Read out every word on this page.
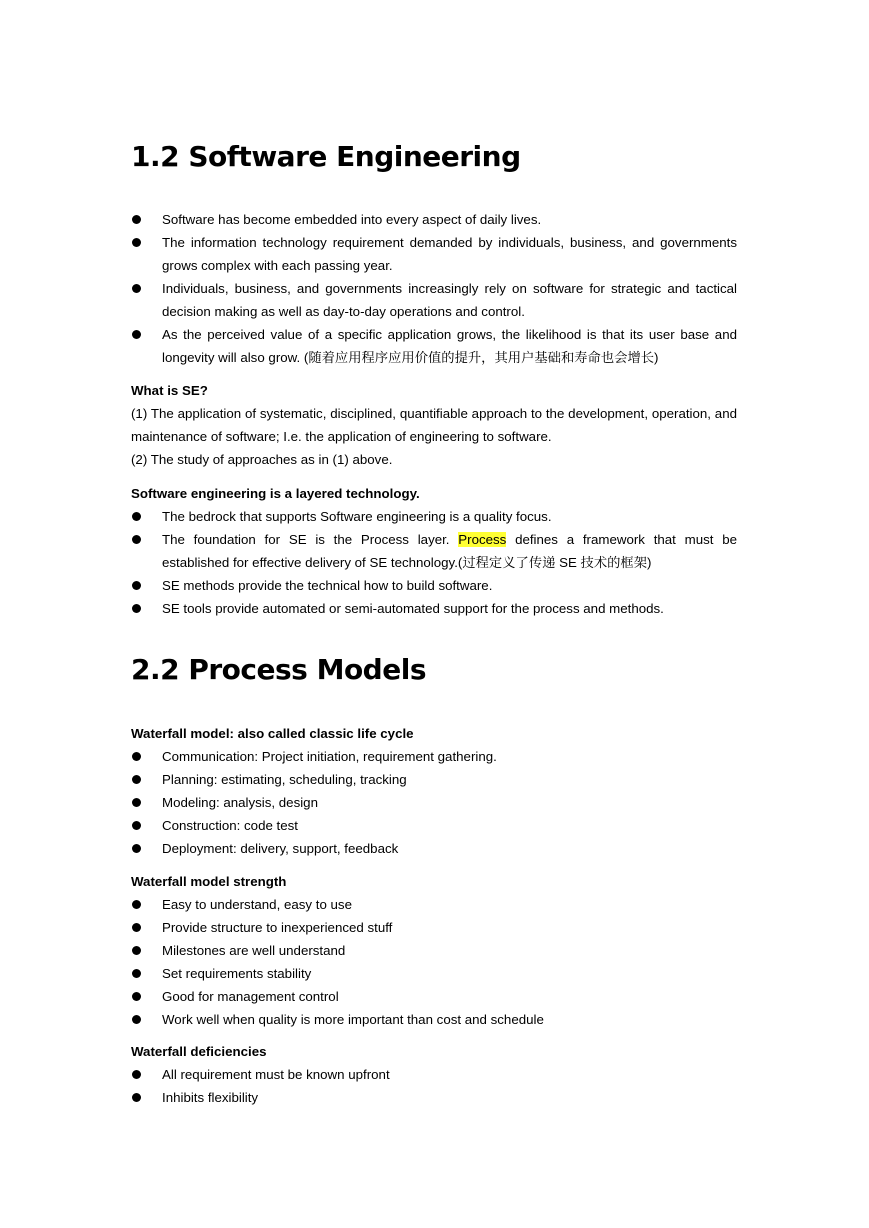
1.2 Software Engineering
Software has become embedded into every aspect of daily lives.
The information technology requirement demanded by individuals, business, and governments grows complex with each passing year.
Individuals, business, and governments increasingly rely on software for strategic and tactical decision making as well as day-to-day operations and control.
As the perceived value of a specific application grows, the likelihood is that its user base and longevity will also grow. (随着应用程序应用价值的提升，其用户基础和寿命也会增长)

What is SE?

(1) The application of systematic, disciplined, quantifiable approach to the development, operation, and maintenance of software; I.e. the application of engineering to software.

(2) The study of approaches as in (1) above.

Software engineering is a layered technology.

The bedrock that supports Software engineering is a quality focus.
The foundation for SE is the Process layer. Process defines a framework that must be established for effective delivery of SE technology.(过程定义了传递 SE 技术的框架)
SE methods provide the technical how to build software.
SE tools provide automated or semi-automated support for the process and methods.
2.2 Process Models

Waterfall model: also called classic life cycle

Communication: Project initiation, requirement gathering.
Planning: estimating, scheduling, tracking
Modeling: analysis, design
Construction: code test
Deployment: delivery, support, feedback

Waterfall model strength

Easy to understand, easy to use
Provide structure to inexperienced stuff
Milestones are well understand
Set requirements stability
Good for management control
Work well when quality is more important than cost and schedule

Waterfall deficiencies

All requirement must be known upfront
Inhibits flexibility
